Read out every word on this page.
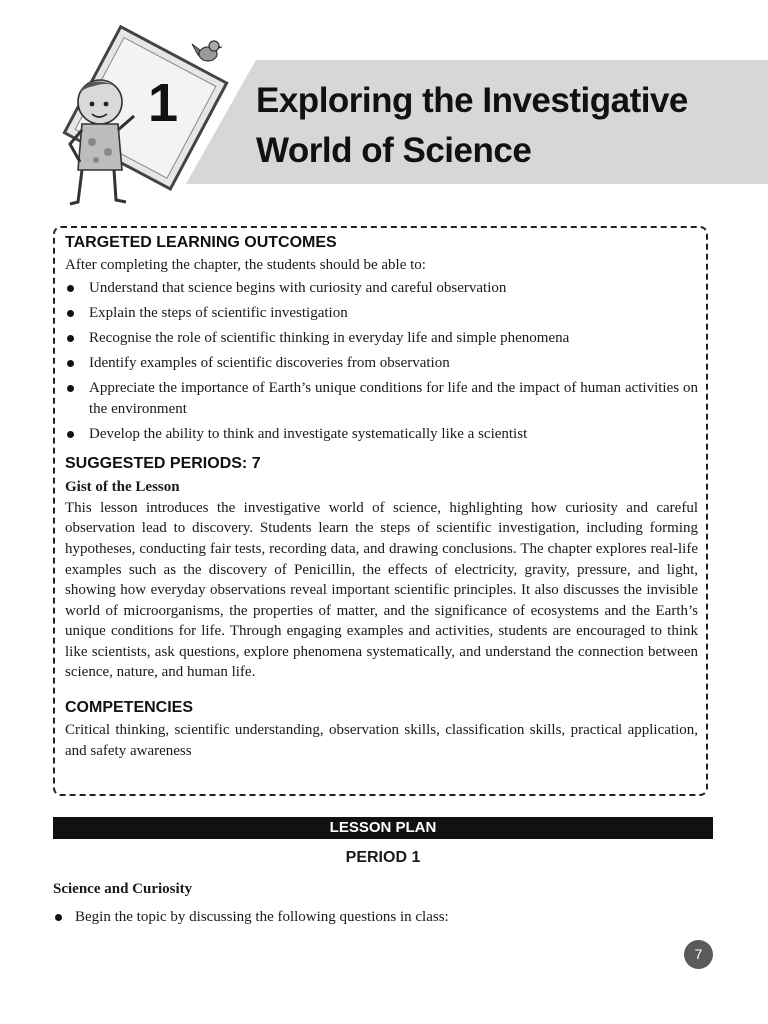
1 Exploring the Investigative
World of Science
TARGETED LEARNING OUTCOMES

After completing the chapter, the students should be able to:

Understand that science begins with curiosity and careful observation
Explain the steps of scientific investigation
Recognise the role of scientific thinking in everyday life and simple phenomena
Identify examples of scientific discoveries from observation
Appreciate the importance of Earth’s unique conditions for life and the impact of human activities on the environment
Develop the ability to think and investigate systematically like a scientist
SUGGESTED PERIODS: 7
Gist of the Lesson

This lesson introduces the investigative world of science, highlighting how curiosity and careful observation lead to discovery. Students learn the steps of scientific investigation, including forming hypotheses, conducting fair tests, recording data, and drawing conclusions. The chapter explores real-life examples such as the discovery of Penicillin, the effects of electricity, gravity, pressure, and light, showing how everyday observations reveal important scientific principles. It also discusses the invisible world of microorganisms, the properties of matter, and the significance of ecosystems and the Earth’s unique conditions for life. Through engaging examples and activities, students are encouraged to think like scientists, ask questions, explore phenomena systematically, and understand the connection between science, nature, and human life.

COMPETENCIES

Critical thinking, scientific understanding, observation skills, classification skills, practical application, and safety awareness

LESSON PLAN
PERIOD 1
Science and Curiosity
Begin the topic by discussing the following questions in class:
7
